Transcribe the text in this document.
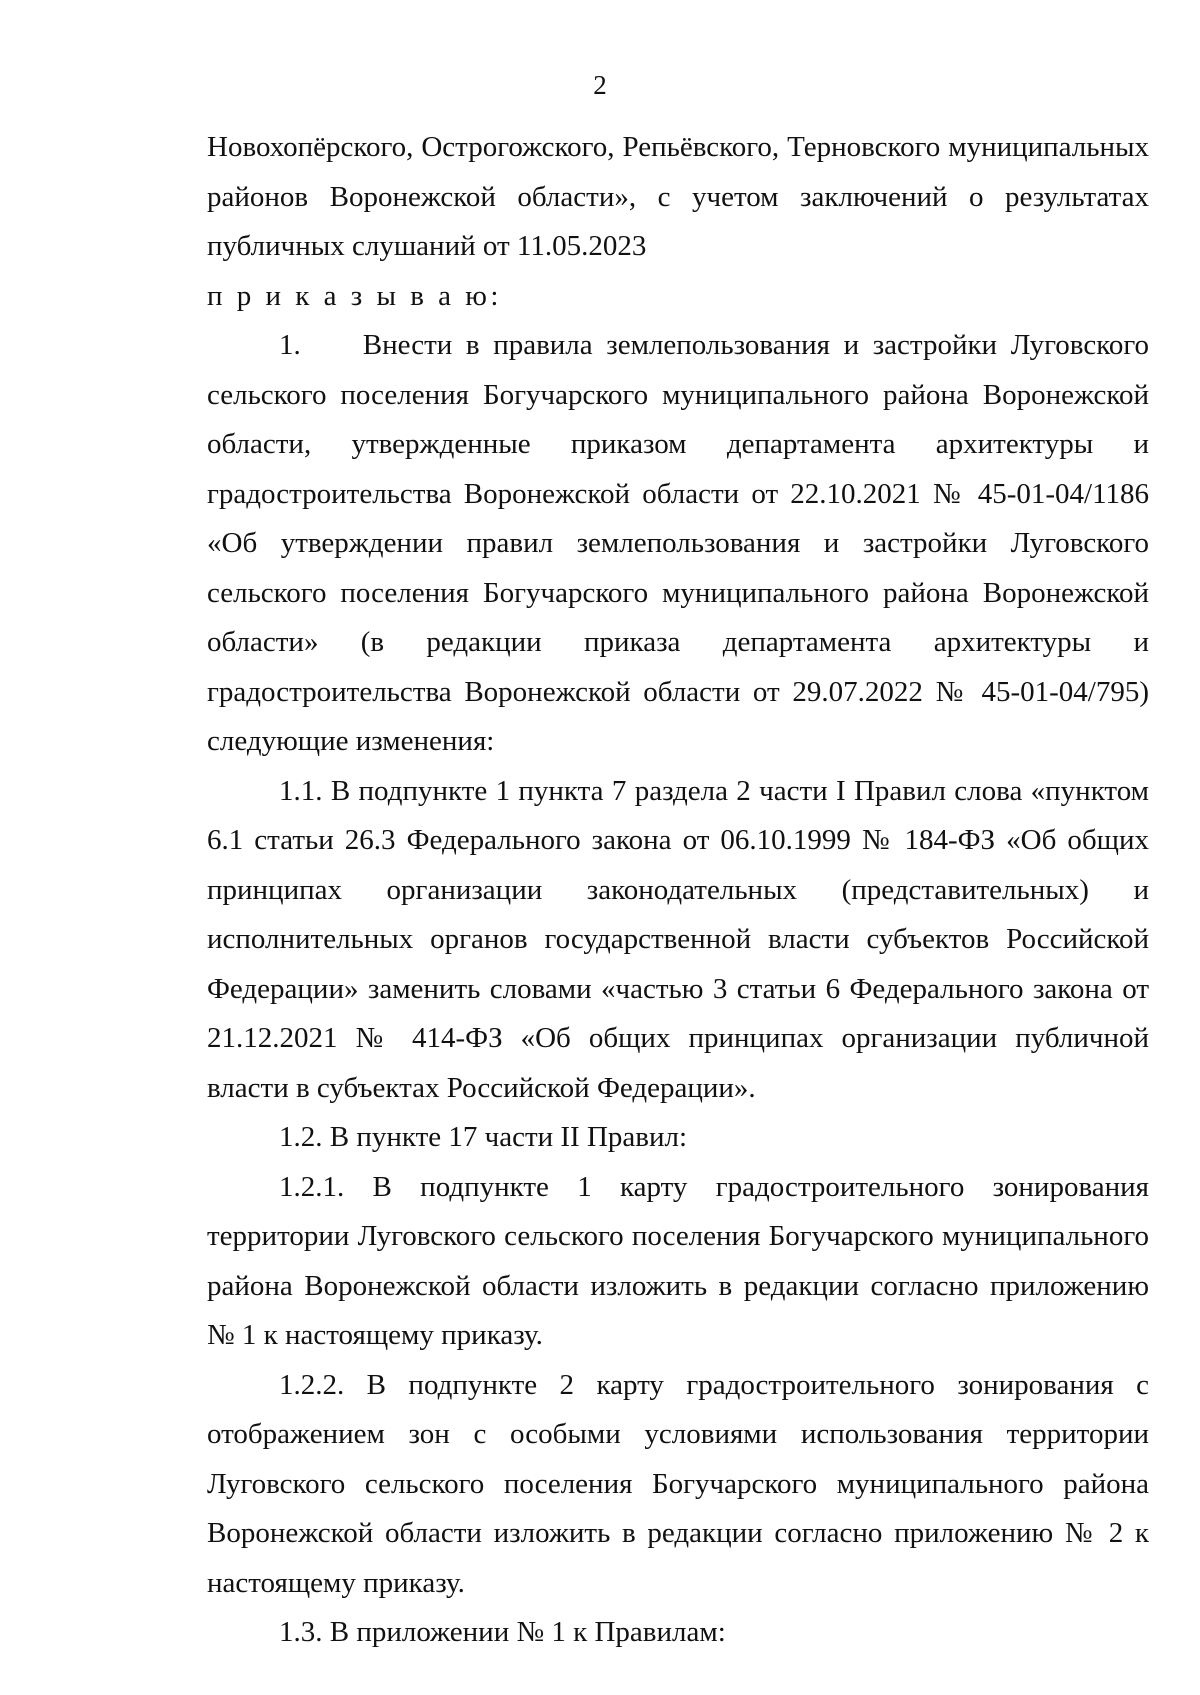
2

Новохопёрского, Острогожского, Репьёвского, Терновского муниципальных районов Воронежской области», с учетом заключений о результатах публичных слушаний от 11.05.2023

п р и к а з ы в а ю:

1. Внести в правила землепользования и застройки Луговского сельского поселения Богучарского муниципального района Воронежской области, утвержденные приказом департамента архитектуры и градостроительства Воронежской области от 22.10.2021 № 45-01-04/1186 «Об утверждении правил землепользования и застройки Луговского сельского поселения Богучарского муниципального района Воронежской области» (в редакции приказа департамента архитектуры и градостроительства Воронежской области от 29.07.2022 № 45-01-04/795) следующие изменения:

1.1. В подпункте 1 пункта 7 раздела 2 части I Правил слова «пунктом 6.1 статьи 26.3 Федерального закона от 06.10.1999 № 184-ФЗ «Об общих принципах организации законодательных (представительных) и исполнительных органов государственной власти субъектов Российской Федерации» заменить словами «частью 3 статьи 6 Федерального закона от 21.12.2021 № 414-ФЗ «Об общих принципах организации публичной власти в субъектах Российской Федерации».

1.2. В пункте 17 части II Правил:

1.2.1. В подпункте 1 карту градостроительного зонирования территории Луговского сельского поселения Богучарского муниципального района Воронежской области изложить в редакции согласно приложению № 1 к настоящему приказу.

1.2.2. В подпункте 2 карту градостроительного зонирования с отображением зон с особыми условиями использования территории Луговского сельского поселения Богучарского муниципального района Воронежской области изложить в редакции согласно приложению № 2 к настоящему приказу.

1.3. В приложении № 1 к Правилам:
